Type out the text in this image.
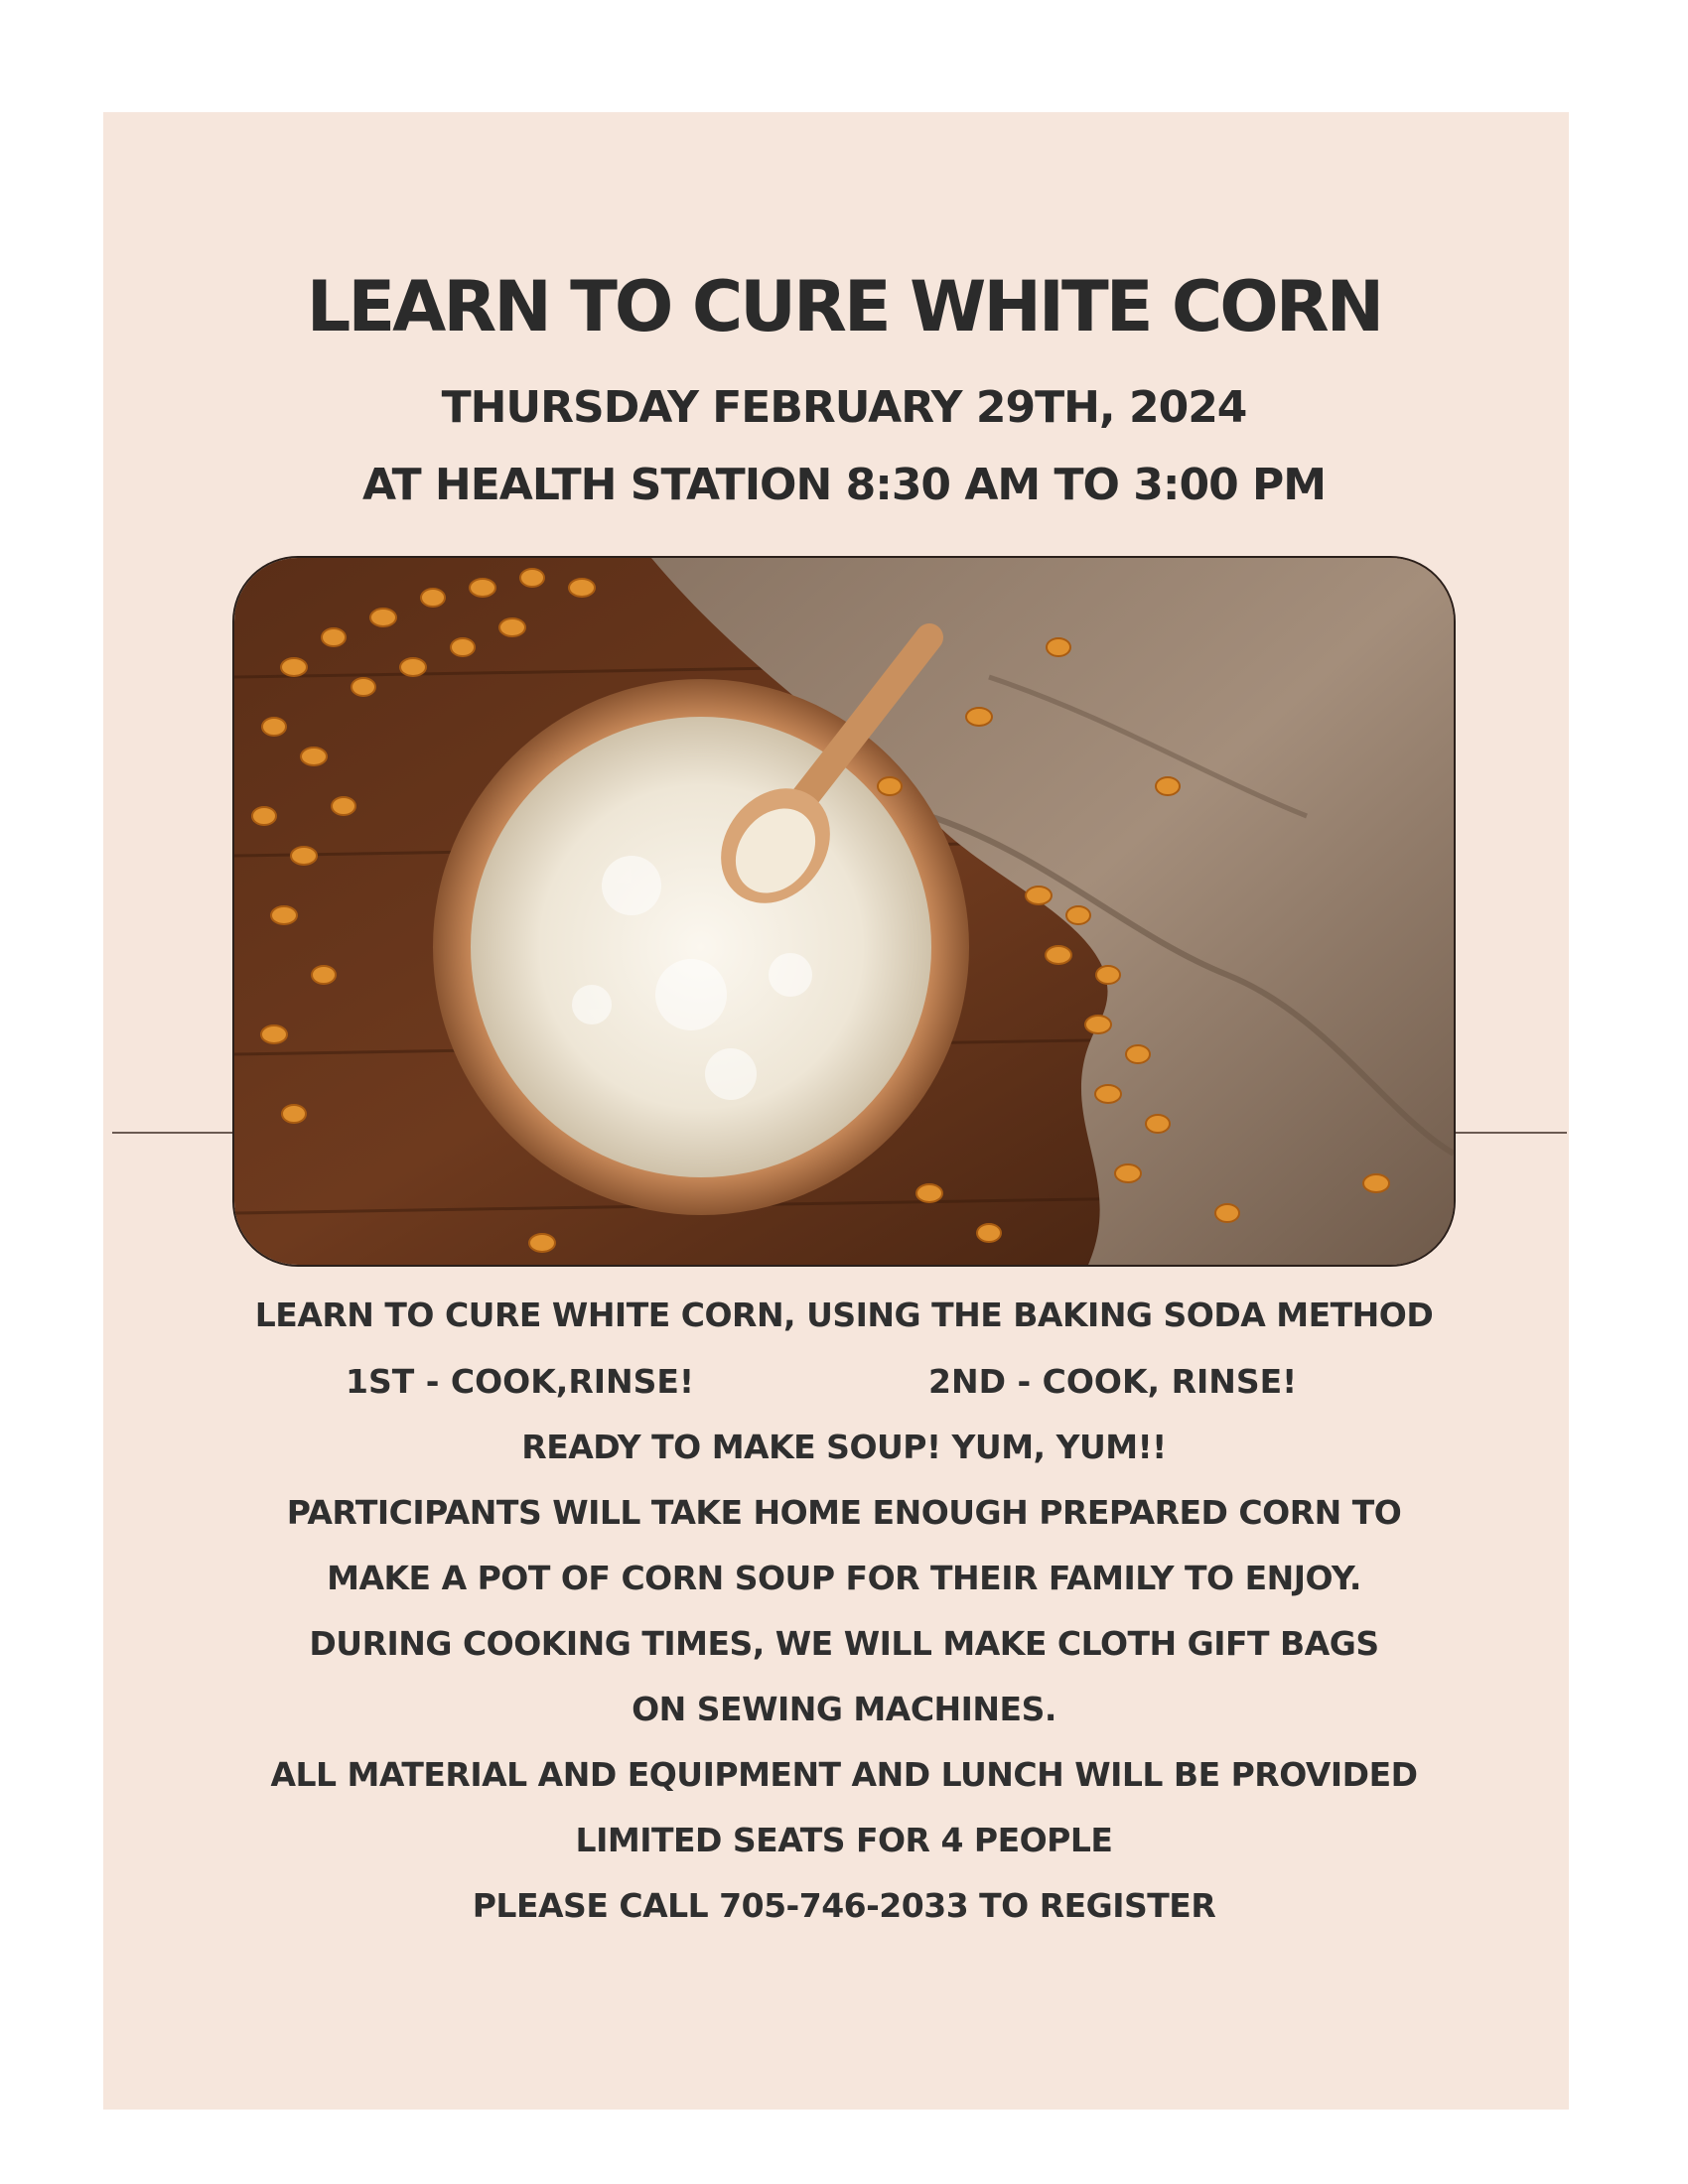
LEARN TO CURE WHITE CORN
THURSDAY FEBRUARY 29TH, 2024
AT HEALTH STATION 8:30 AM TO 3:00 PM
LEARN TO CURE WHITE CORN, USING THE BAKING SODA METHOD
1ST - COOK,RINSE!	2ND - COOK, RINSE!
READY TO MAKE SOUP! YUM, YUM!!
PARTICIPANTS WILL TAKE HOME ENOUGH PREPARED CORN TO
MAKE A POT OF CORN SOUP FOR THEIR FAMILY TO ENJOY.
DURING COOKING TIMES, WE WILL MAKE CLOTH GIFT BAGS
ON SEWING MACHINES.
ALL MATERIAL AND EQUIPMENT AND LUNCH WILL BE PROVIDED
LIMITED SEATS FOR 4 PEOPLE
PLEASE CALL 705-746-2033 TO REGISTER
